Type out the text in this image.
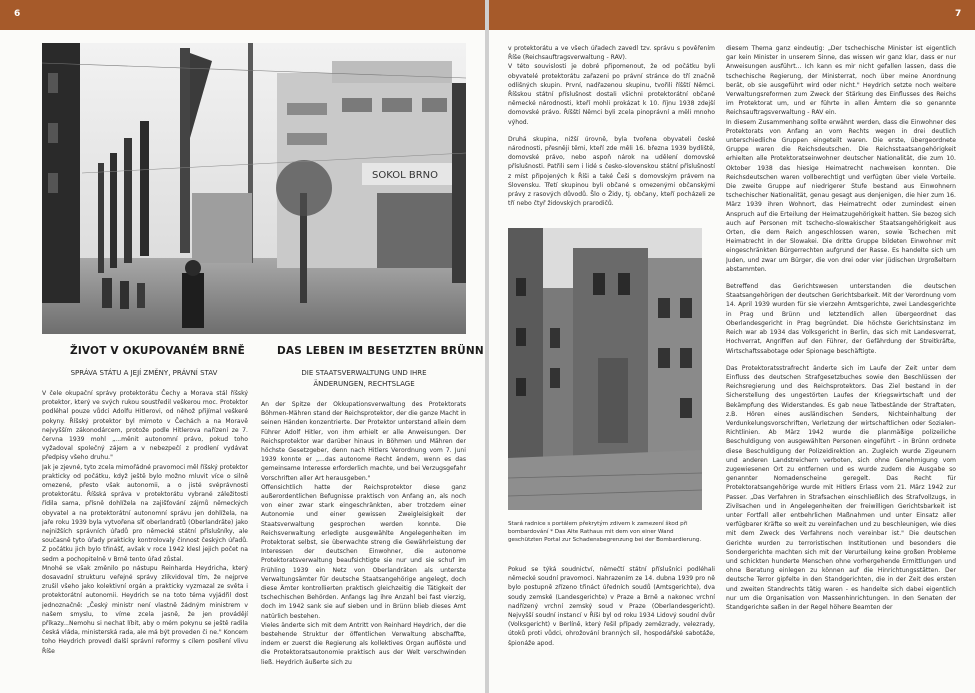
6
SOKOL BRNO
ŽIVOT V OKUPOVANÉM BRNĚ
SPRÁVA STÁTU A JEJÍ ZMĚNY, PRÁVNÍ STAV
DAS LEBEN IM BESETZTEN BRÜNN
DIE STAATSVERWALTUNG UND IHRE
ÄNDERUNGEN, RECHTSLAGE

V čele okupační správy protektorátu Čechy a Morava stál říšský protektor, který ve svých rukou soustředil veškerou moc. Protektor podléhal pouze vůdci Adolfu Hitlerovi, od něhož přijímal veškeré pokyny. Říšský protektor byl mimoto v Čechách a na Moravě nejvyšším zákonodárcem, protože podle Hitlerova nařízení ze 7. června 1939 mohl „...měnit autonomní právo, pokud toho vyžadoval společný zájem a v nebezpečí z prodlení vydávat předpisy všeho druhu."

Jak je zjevné, tyto zcela mimořádné pravomoci měl říšský protektor prakticky od počátku, když ještě bylo možno mluvit více o silně omezené, přesto však autonomii, a o jisté svéprávnosti protektorátu. Říšská správa v protektorátu vybrané záležitosti řídila sama, přísně dohlížela na zajišťování zájmů německých obyvatel a na protektorátní autonomní správu jen dohlížela, na jaře roku 1939 byla vytvořena síť oberlandratů (Oberlandräte) jako nejnižších správních úřadů pro německé státní příslušníky, ale současně tyto úřady prakticky kontrolovaly činnost českých úřadů. Z počátku jich bylo třinášť, avšak v roce 1942 klesl jejich počet na sedm a pochopitelně v Brně tento úřad zůstal.

Mnohé se však změnilo po nástupu Reinharda Heydricha, který dosavadní strukturu veřejné správy zlikvidoval tím, že nejprve zrušil všeho jako kolektivní orgán a prakticky vyzmazal ze světa i protektorátní autonomii. Heydrich se na toto téma vyjádřil dost jednoznačně: „Český ministr není vlastně žádným ministrem v našem smyslu, to víme zcela jasně, že jen provádějí příkazy...Nemohu si nechat líbit, aby o mém pokynu se ještě radila česká vláda, ministerská rada, ale má být proveden či ne." Koncem toho Heydrich provedl další správní reformy s cílem posílení vlivu Říše

An der Spitze der Okkupationsverwaltung des Protektorats Böhmen-Mähren stand der Reichsprotektor, der die ganze Macht in seinen Händen konzentrierte. Der Protektor unterstand allein dem Führer Adolf Hitler, von ihm erhielt er alle Anweisungen. Der Reichsprotektor war darüber hinaus in Böhmen und Mähren der höchste Gesetzgeber, denn nach Hitlers Verordnung vom 7. Juni 1939 konnte er „...das autonome Recht ändern, wenn es das gemeinsame Interesse erforderlich machte, und bei Verzugsgefahr Vorschriften aller Art herausgeben."

Offensichtlich hatte der Reichsprotektor diese ganz außerordentlichen Befugnisse praktisch von Anfang an, als noch von einer zwar stark eingeschränkten, aber trotzdem einer Autonomie und einer gewissen Zweigleisigkeit der Staatsverwaltung gesprochen werden konnte. Die Reichsverwaltung erledigte ausgewählte Angelegenheiten im Protektorat selbst, sie überwachte streng die Gewährleistung der Interessen der deutschen Einwohner, die autonome Protektoratsverwaltung beaufsichtigte sie nur und sie schuf im Frühling 1939 ein Netz von Oberlandräten als unterste Verwaltungsämter für deutsche Staatsangehörige angelegt, doch diese Ämter kontrollierten praktisch gleichzeitig die Tätigkeit der tschechischen Behörden. Anfangs lag ihre Anzahl bei fast vierzig, doch im 1942 sank sie auf sieben und in Brünn blieb dieses Amt natürlich bestehen.

Vieles änderte sich mit dem Antritt von Reinhard Heydrich, der die bestehende Struktur der öffentlichen Verwaltung abschaffte, indem er zuerst die Regierung als kollektives Organ auflöste und die Protektoratsautonomie praktisch aus der Welt verschwinden ließ. Heydrich äußerte sich zu

7

v protektorátu a ve všech úřadech zavedl tzv. správu s pověřením Říše (Reichsauftragsverwaltung - RAV).

V této souvislosti je dobré připomenout, že od počátku byli obyvatelé protektorátu zařazeni po právní stránce do tří značně odlišných skupin. První, nadřazenou skupinu, tvořili říšští Němci. Říšskou státní příslušnost dostali všichni protektorátní občané německé národnosti, kteří mohli prokázat k 10. říjnu 1938 zdejší domovské právo. Říšští Němci byli zcela pinoprávní a měli mnoho výhod.

Druhá skupina, nižší úrovně, byla tvořena obyvateli české národnosti, přesněji těmi, kteří zde měli 16. března 1939 bydliště, domovské právo, nebo aspoň nárok na udělení domovské příslušnosti. Patřili sem i lidé s česko-slovenskou státní příslušností z míst připojených k Říši a také Češi s domovským právem na Slovensku. Třetí skupinou byli občané s omezenými občanskými právy z rasových důvodů. Šlo o Židy, tj. občany, kteří pocházeli ze tří nebo čtyř židovských prarodičů.

Stará radnice s portálem překrytým zdivem k zamezení škod při bombardování * Das Alte Rathaus mit dem von einer Wand geschützten Portal zur Schadensbegrenzung bei der Bombardierung.

Pokud se týká soudnictví, němečtí státní příslušníci podléhali německé soudní pravomoci. Nahrazením ze 14. dubna 1939 pro ně bylo postupně zřízeno třináct úředních soudů (Amtsgerichte), dva soudy zemské (Landesgerichte) v Praze a Brně a nakonec vrchní nadřízený vrchní zemský soud v Praze (Oberlandesgericht). Nejvyšší soudní instancí v Říši byl od roku 1934 Lidový soudní dvůr (Volksgericht) v Berlíně, který řešil případy zemězrady, velezrady, útoků proti vůdci, ohrožování branných sil, hospodářské sabotáže, špionáže apod.

diesem Thema ganz eindeutig: „Der tschechische Minister ist eigentlich gar kein Minister in unserem Sinne, das wissen wir ganz klar, dass er nur Anweisungen ausführt... Ich kann es mir nicht gefallen lassen, dass die tschechische Regierung, der Ministerrat, noch über meine Anordnung berät, ob sie ausgeführt wird oder nicht." Heydrich setzte noch weitere Verwaltungsreformen zum Zweck der Stärkung des Einflusses des Reichs im Protektorat um, und er führte in allen Ämtern die so genannte Reichsauftragsverwaltung - RAV ein.

In diesem Zusammenhang sollte erwähnt werden, dass die Einwohner des Protektorats von Anfang an vom Rechts wegen in drei deutlich unterschiedliche Gruppen eingeteilt waren. Die erste, übergeordnete Gruppe waren die Reichsdeutschen. Die Reichsstaatsangehörigkeit erhielten alle Protektoratseinwohner deutscher Nationalität, die zum 10. Oktober 1938 das hiesige Heimatrecht nachweisen konnten. Die Reichsdeutschen waren vollberechtigt und verfügten über viele Vorteile. Die zweite Gruppe auf niedrigerer Stufe bestand aus Einwohnern tschechischer Nationalität, genau gesagt aus denjenigen, die hier zum 16. März 1939 ihren Wohnort, das Heimatrecht oder zumindest einen Anspruch auf die Erteilung der Heimatzugehörigkeit hatten. Sie bezog sich auch auf Personen mit tschecho-slowakischer Staatsangehörigkeit aus Orten, die dem Reich angeschlossen waren, sowie Tschechen mit Heimatrecht in der Slowakei. Die dritte Gruppe bildeten Einwohner mit eingeschränkten Bürgerrechten aufgrund der Rasse. Es handelte sich um Juden, und zwar um Bürger, die von drei oder vier jüdischen Urgroßeltern abstammten.

Betreffend das Gerichtswesen unterstanden die deutschen Staatsangehörigen der deutschen Gerichtsbarkeit. Mit der Verordnung vom 14. April 1939 wurden für sie vierzehn Amtsgerichte, zwei Landesgerichte in Prag und Brünn und letztendlich allen übergeordnet das Oberlandesgericht in Prag begründet. Die höchste Gerichtsinstanz im Reich war ab 1934 das Volksgericht in Berlin, das sich mit Landesverrat, Hochverrat, Angriffen auf den Führer, der Gefährdung der Streitkräfte, Wirtschaftssabotage oder Spionage beschäftigte.

Das Protektoratsstrafrecht änderte sich im Laufe der Zeit unter dem Einfluss des deutschen Strafgesetzbuches sowie den Beschlüssen der Reichsregierung und des Reichsprotektors. Das Ziel bestand in der Sicherstellung des ungestörten Laufes der Kriegswirtschaft und der Bekämpfung des Widerstandes. Es gab neue Tatbestände der Straftaten, z.B. Hören eines ausländischen Senders, Nichteinhaltung der Verdunkelungsvorschriften, Verletzung der wirtschaftlichen oder Sozialen-Richtlinien. Ab März 1942 wurde die planmäßige polizeiliche Beschuldigung von ausgewählten Personen eingeführt - in Brünn ordnete diese Beschuldigung der Polizeidirektion an. Zugleich wurde Zigeunern und anderen Landstreichern verboten, sich ohne Genehmigung vom zugewiesenen Ort zu entfernen und es wurde zudem die Ausgabe so genannter Nomadenscheine geregelt. Das Recht für Protektoratsangehörige wurde mit Hitlers Erlass vom 21. März 1942 zur Passer. „Das Verfahren in Strafsachen einschließlich des Strafvollzugs, in Zivilsachen und in Angelegenheiten der freiwilligen Gerichtsbarkeit ist unter Fortfall aller entbehrlichen Maßnahmen und unter Einsatz aller verfügbarer Kräfte so weit zu vereinfachen und zu beschleunigen, wie dies mit dem Zweck des Verfahrens noch vereinbar ist." Die deutschen Gerichte wurden zu terroristischen Institutionen und besonders die Sondergerichte machten sich mit der Verurteilung keine großen Probleme und schickten hunderte Menschen ohne vorhergehende Ermittlungen und ohne Beratung einlegen zu können auf die Hinrichtungsstätten. Der deutsche Terror gipfelte in den Standgerichten, die in der Zeit des ersten und zweiten Standrechts tätig waren - es handelte sich dabei eigentlich nur um die Organisation von Massenhinrichtungen. In den Senaten der Standgerichte saßen in der Regel höhere Beamten der
